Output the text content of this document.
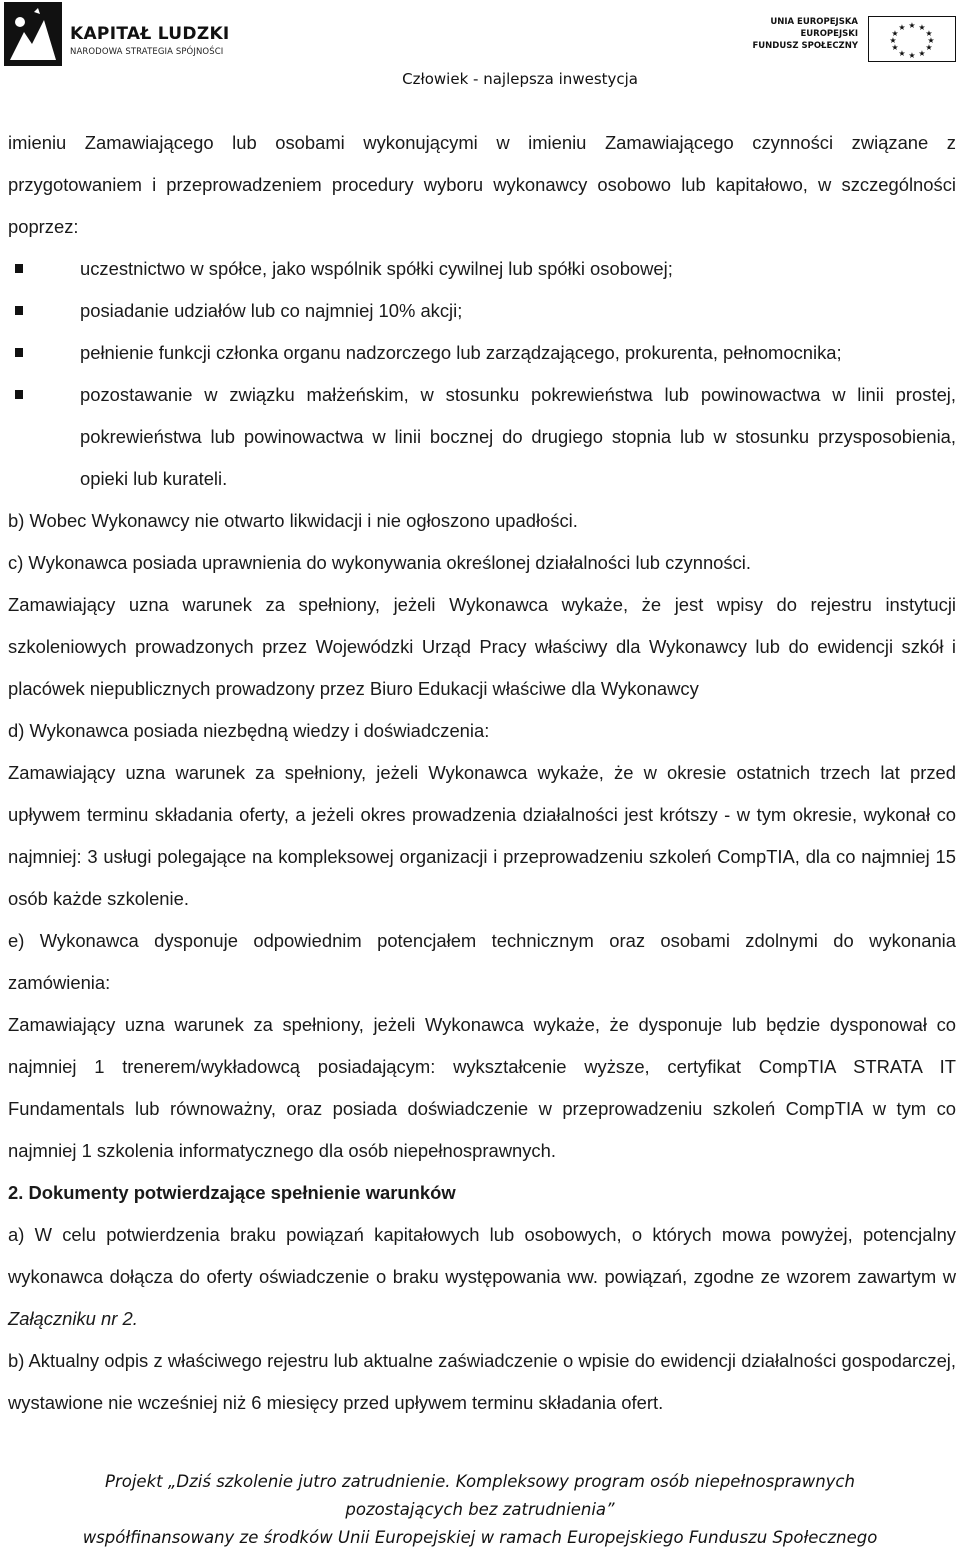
KAPITAŁ LUDZKI
NARODOWA STRATEGIA SPÓJNOŚCI
UNIA EUROPEJSKA
EUROPEJSKI
FUNDUSZ SPOŁECZNY
★ ★
★
★
★
★
★
★
★
★
★
★
Człowiek - najlepsza inwestycja

imieniu Zamawiającego lub osobami wykonującymi w imieniu Zamawiającego czynności związane z przygotowaniem i przeprowadzeniem procedury wyboru wykonawcy osobowo lub kapitałowo, w szczególności poprzez:

uczestnictwo w spółce, jako wspólnik spółki cywilnej lub spółki osobowej;
posiadanie udziałów lub co najmniej 10% akcji;
pełnienie funkcji członka organu nadzorczego lub zarządzającego, prokurenta, pełnomocnika;
pozostawanie w związku małżeńskim, w stosunku pokrewieństwa lub powinowactwa w linii prostej, pokrewieństwa lub powinowactwa w linii bocznej do drugiego stopnia lub w stosunku przysposobienia, opieki lub kurateli.

b) Wobec Wykonawcy nie otwarto likwidacji i nie ogłoszono upadłości.

c) Wykonawca posiada uprawnienia do wykonywania określonej działalności lub czynności.

Zamawiający uzna warunek za spełniony, jeżeli Wykonawca wykaże, że jest wpisy do rejestru instytucji szkoleniowych prowadzonych przez Wojewódzki Urząd Pracy właściwy dla Wykonawcy lub do ewidencji szkół i placówek niepublicznych prowadzony przez Biuro Edukacji właściwe dla Wykonawcy

d) Wykonawca posiada niezbędną wiedzy i doświadczenia:

Zamawiający uzna warunek za spełniony, jeżeli Wykonawca wykaże, że w okresie ostatnich trzech lat przed upływem terminu składania oferty, a jeżeli okres prowadzenia działalności jest krótszy - w tym okresie, wykonał co najmniej: 3 usługi polegające na kompleksowej organizacji i przeprowadzeniu szkoleń CompTIA, dla co najmniej 15 osób każde szkolenie.

e) Wykonawca dysponuje odpowiednim potencjałem technicznym oraz osobami zdolnymi do wykonania zamówienia:

Zamawiający uzna warunek za spełniony, jeżeli Wykonawca wykaże, że dysponuje lub będzie dysponował co najmniej 1 trenerem/wykładowcą posiadającym: wykształcenie wyższe, certyfikat CompTIA STRATA IT Fundamentals lub równoważny, oraz posiada doświadczenie w przeprowadzeniu szkoleń CompTIA w tym co najmniej 1 szkolenia informatycznego dla osób niepełnosprawnych.

2. Dokumenty potwierdzające spełnienie warunków

a) W celu potwierdzenia braku powiązań kapitałowych lub osobowych, o których mowa powyżej, potencjalny wykonawca dołącza do oferty oświadczenie o braku występowania ww. powiązań, zgodne ze wzorem zawartym w Załączniku nr 2.

b) Aktualny odpis z właściwego rejestru lub aktualne zaświadczenie o wpisie do ewidencji działalności gospodarczej, wystawione nie wcześniej niż 6 miesięcy przed upływem terminu składania ofert.

Projekt „Dziś szkolenie jutro zatrudnienie. Kompleksowy program osób niepełnosprawnych
pozostających bez zatrudnienia”
współfinansowany ze środków Unii Europejskiej w ramach Europejskiego Funduszu Społecznego
